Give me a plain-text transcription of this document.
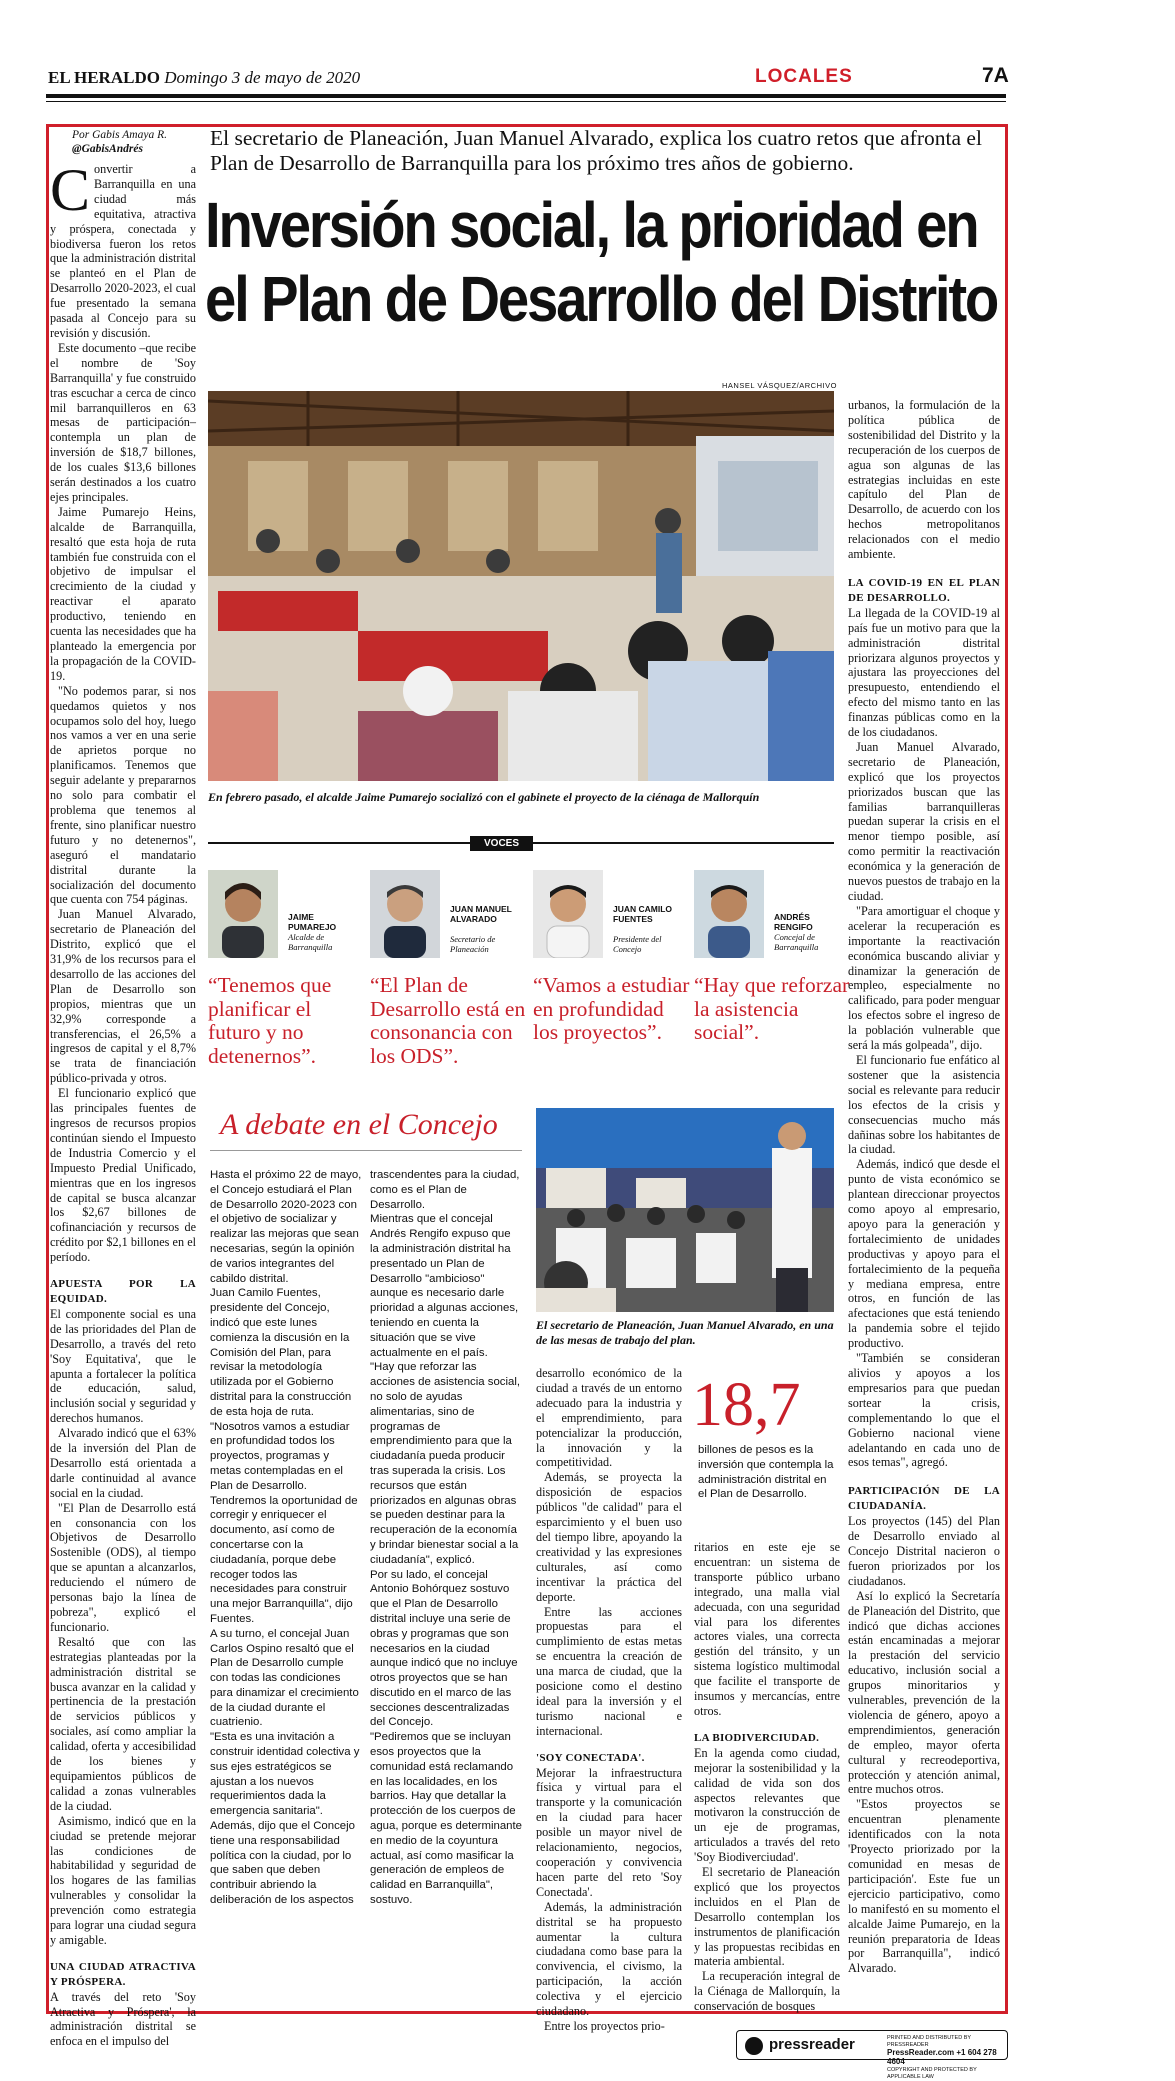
EL HERALDO Domingo 3 de mayo de 2020	LOCALES	7A
Por Gabis Amaya R.
@GabisAndrés

Convertir a Barranquilla en una ciudad más equitativa, atractiva y próspera, conectada y biodiversa fueron los retos que la administración distrital se planteó en el Plan de Desarrollo 2020-2023, el cual fue presentado la semana pasada al Concejo para su revisión y discusión.

Este documento –que recibe el nombre de 'Soy Barranquilla' y fue construido tras escuchar a cerca de cinco mil barranquilleros en 63 mesas de participación– contempla un plan de inversión de $18,7 billones, de los cuales $13,6 billones serán destinados a los cuatro ejes principales.

Jaime Pumarejo Heins, alcalde de Barranquilla, resaltó que esta hoja de ruta también fue construida con el objetivo de impulsar el crecimiento de la ciudad y reactivar el aparato productivo, teniendo en cuenta las necesidades que ha planteado la emergencia por la propagación de la COVID-19.

"No podemos parar, si nos quedamos quietos y nos ocupamos solo del hoy, luego nos vamos a ver en una serie de aprietos porque no planificamos. Tenemos que seguir adelante y prepararnos no solo para combatir el problema que tenemos al frente, sino planificar nuestro futuro y no detenernos", aseguró el mandatario distrital durante la socialización del documento que cuenta con 754 páginas.

Juan Manuel Alvarado, secretario de Planeación del Distrito, explicó que el 31,9% de los recursos para el desarrollo de las acciones del Plan de Desarrollo son propios, mientras que un 32,9% corresponde a transferencias, el 26,5% a ingresos de capital y el 8,7% se trata de financiación público-privada y otros.

El funcionario explicó que las principales fuentes de ingresos de recursos propios continúan siendo el Impuesto de Industria Comercio y el Impuesto Predial Unificado, mientras que en los ingresos de capital se busca alcanzar los $2,67 billones de cofinanciación y recursos de crédito por $2,1 billones en el período.

APUESTA POR LA EQUIDAD.

El componente social es una de las prioridades del Plan de Desarrollo, a través del reto 'Soy Equitativa', que le apunta a fortalecer la política de educación, salud, inclusión social y seguridad y derechos humanos.

Alvarado indicó que el 63% de la inversión del Plan de Desarrollo está orientada a darle continuidad al avance social en la ciudad.

"El Plan de Desarrollo está en consonancia con los Objetivos de Desarrollo Sostenible (ODS), al tiempo que se apuntan a alcanzarlos, reduciendo el número de personas bajo la línea de pobreza", explicó el funcionario.

Resaltó que con las estrategias planteadas por la administración distrital se busca avanzar en la calidad y pertinencia de la prestación de servicios públicos y sociales, así como ampliar la calidad, oferta y accesibilidad de los bienes y equipamientos públicos de calidad a zonas vulnerables de la ciudad.

Asimismo, indicó que en la ciudad se pretende mejorar las condiciones de habitabilidad y seguridad de los hogares de las familias vulnerables y consolidar la prevención como estrategia para lograr una ciudad segura y amigable.

UNA CIUDAD ATRACTIVA Y PRÓSPERA.

A través del reto 'Soy Atractiva y Próspera', la administración distrital se enfoca en el impulso del

El secretario de Planeación, Juan Manuel Alvarado, explica los cuatro retos que afronta el Plan de Desarrollo de Barranquilla para los próximo tres años de gobierno.
Inversión social, la prioridad en
el Plan de Desarrollo del Distrito
HANSEL VÁSQUEZ/ARCHIVO
En febrero pasado, el alcalde Jaime Pumarejo socializó con el gabinete el proyecto de la ciénaga de Mallorquín
VOCES
JAIME PUMAREJO
Alcalde de Barranquilla
“Tenemos que planificar el futuro y no detenernos”.
JUAN MANUEL ALVARADO
Secretario de Planeación
“El Plan de Desarrollo está en consonancia con los ODS”.
JUAN CAMILO FUENTES
Presidente del Concejo
“Vamos a estudiar en profundidad los proyectos”.
ANDRÉS RENGIFO
Concejal de Barranquilla
“Hay que reforzar la asistencia social”.

urbanos, la formulación de la política pública de sostenibilidad del Distrito y la recuperación de los cuerpos de agua son algunas de las estrategias incluidas en este capítulo del Plan de Desarrollo, de acuerdo con los hechos metropolitanos relacionados con el medio ambiente.

LA COVID-19 EN EL PLAN DE DESARROLLO.

La llegada de la COVID-19 al país fue un motivo para que la administración distrital priorizara algunos proyectos y ajustara las proyecciones del presupuesto, entendiendo el efecto del mismo tanto en las finanzas públicas como en la de los ciudadanos.

Juan Manuel Alvarado, secretario de Planeación, explicó que los proyectos priorizados buscan que las familias barranquilleras puedan superar la crisis en el menor tiempo posible, así como permitir la reactivación económica y la generación de nuevos puestos de trabajo en la ciudad.

"Para amortiguar el choque y acelerar la recuperación es importante la reactivación económica buscando aliviar y dinamizar la generación de empleo, especialmente no calificado, para poder menguar los efectos sobre el ingreso de la población vulnerable que será la más golpeada", dijo.

El funcionario fue enfático al sostener que la asistencia social es relevante para reducir los efectos de la crisis y consecuencias mucho más dañinas sobre los habitantes de la ciudad.

Además, indicó que desde el punto de vista económico se plantean direccionar proyectos como apoyo al empresario, apoyo para la generación y fortalecimiento de unidades productivas y apoyo para el fortalecimiento de la pequeña y mediana empresa, entre otros, en función de las afectaciones que está teniendo la pandemia sobre el tejido productivo.

"También se consideran alivios y apoyos a los empresarios para que puedan sortear la crisis, complementando lo que el Gobierno nacional viene adelantando en cada uno de esos temas", agregó.

PARTICIPACIÓN DE LA CIUDADANÍA.

Los proyectos (145) del Plan de Desarrollo enviado al Concejo Distrital nacieron o fueron priorizados por los ciudadanos.

Así lo explicó la Secretaría de Planeación del Distrito, que indicó que dichas acciones están encaminadas a mejorar la prestación del servicio educativo, inclusión social a grupos minoritarios y vulnerables, prevención de la violencia de género, apoyo a emprendimientos, generación de empleo, mayor oferta cultural y recreodeportiva, protección y atención animal, entre muchos otros.

"Estos proyectos se encuentran plenamente identificados con la nota 'Proyecto priorizado por la comunidad en mesas de participación'. Este fue un ejercicio participativo, como lo manifestó en su momento el alcalde Jaime Pumarejo, en la reunión preparatoria de Ideas por Barranquilla", indicó Alvarado.

A debate en el Concejo

Hasta el próximo 22 de mayo, el Concejo estudiará el Plan de Desarrollo 2020-2023 con el objetivo de socializar y realizar las mejoras que sean necesarias, según la opinión de varios integrantes del cabildo distrital.

Juan Camilo Fuentes, presidente del Concejo, indicó que este lunes comienza la discusión en la Comisión del Plan, para revisar la metodología utilizada por el Gobierno distrital para la construcción de esta hoja de ruta.

"Nosotros vamos a estudiar en profundidad todos los proyectos, programas y metas contempladas en el Plan de Desarrollo. Tendremos la oportunidad de corregir y enriquecer el documento, así como de concertarse con la ciudadanía, porque debe recoger todos las necesidades para construir una mejor Barranquilla", dijo Fuentes.

A su turno, el concejal Juan Carlos Ospino resaltó que el Plan de Desarrollo cumple con todas las condiciones para dinamizar el crecimiento de la ciudad durante el cuatrienio.

"Esta es una invitación a construir identidad colectiva y sus ejes estratégicos se ajustan a los nuevos requerimientos dada la emergencia sanitaria". Además, dijo que el Concejo tiene una responsabilidad política con la ciudad, por lo que saben que deben contribuir abriendo la deliberación de los aspectos

trascendentes para la ciudad, como es el Plan de Desarrollo.

Mientras que el concejal Andrés Rengifo expuso que la administración distrital ha presentado un Plan de Desarrollo "ambicioso" aunque es necesario darle prioridad a algunas acciones, teniendo en cuenta la situación que se vive actualmente en el país.

"Hay que reforzar las acciones de asistencia social, no solo de ayudas alimentarias, sino de programas de emprendimiento para que la ciudadanía pueda producir tras superada la crisis. Los recursos que están priorizados en algunas obras se pueden destinar para la recuperación de la economía y brindar bienestar social a la ciudadanía", explicó.

Por su lado, el concejal Antonio Bohórquez sostuvo que el Plan de Desarrollo distrital incluye una serie de obras y programas que son necesarios en la ciudad aunque indicó que no incluye otros proyectos que se han discutido en el marco de las secciones descentralizadas del Concejo.

"Pediremos que se incluyan esos proyectos que la comunidad está reclamando en las localidades, en los barrios. Hay que detallar la protección de los cuerpos de agua, porque es determinante en medio de la coyuntura actual, así como masificar la generación de empleos de calidad en Barranquilla", sostuvo.

El secretario de Planeación, Juan Manuel Alvarado, en una de las mesas de trabajo del plan.
18,7
billones de pesos es la inversión que contempla la administración distrital en el Plan de Desarrollo.

desarrollo económico de la ciudad a través de un entorno adecuado para la industria y el emprendimiento, para potencializar la producción, la innovación y la competitividad.

Además, se proyecta la disposición de espacios públicos "de calidad" para el esparcimiento y el buen uso del tiempo libre, apoyando la creatividad y las expresiones culturales, así como incentivar la práctica del deporte.

Entre las acciones propuestas para el cumplimiento de estas metas se encuentra la creación de una marca de ciudad, que la posicione como el destino ideal para la inversión y el turismo nacional e internacional.

'SOY CONECTADA'.

Mejorar la infraestructura física y virtual para el transporte y la comunicación en la ciudad para hacer posible un mayor nivel de relacionamiento, negocios, cooperación y convivencia hacen parte del reto 'Soy Conectada'.

Además, la administración distrital se ha propuesto aumentar la cultura ciudadana como base para la convivencia, el civismo, la participación, la acción colectiva y el ejercicio ciudadano.

Entre los proyectos prio-

ritarios en este eje se encuentran: un sistema de transporte público urbano integrado, una malla vial adecuada, con una seguridad vial para los diferentes actores viales, una correcta gestión del tránsito, y un sistema logístico multimodal que facilite el transporte de insumos y mercancías, entre otros.

LA BIODIVERCIUDAD.

En la agenda como ciudad, mejorar la sostenibilidad y la calidad de vida son dos aspectos relevantes que motivaron la construcción de un eje de programas, articulados a través del reto 'Soy Biodiverciudad'.

El secretario de Planeación explicó que los proyectos incluidos en el Plan de Desarrollo contemplan los instrumentos de planificación y las propuestas recibidas en materia ambiental.

La recuperación integral de la Ciénaga de Mallorquín, la conservación de bosques

pressreader	PRINTED AND DISTRIBUTED BY PRESSREADER
PressReader.com +1 604 278 4604
COPYRIGHT AND PROTECTED BY APPLICABLE LAW
